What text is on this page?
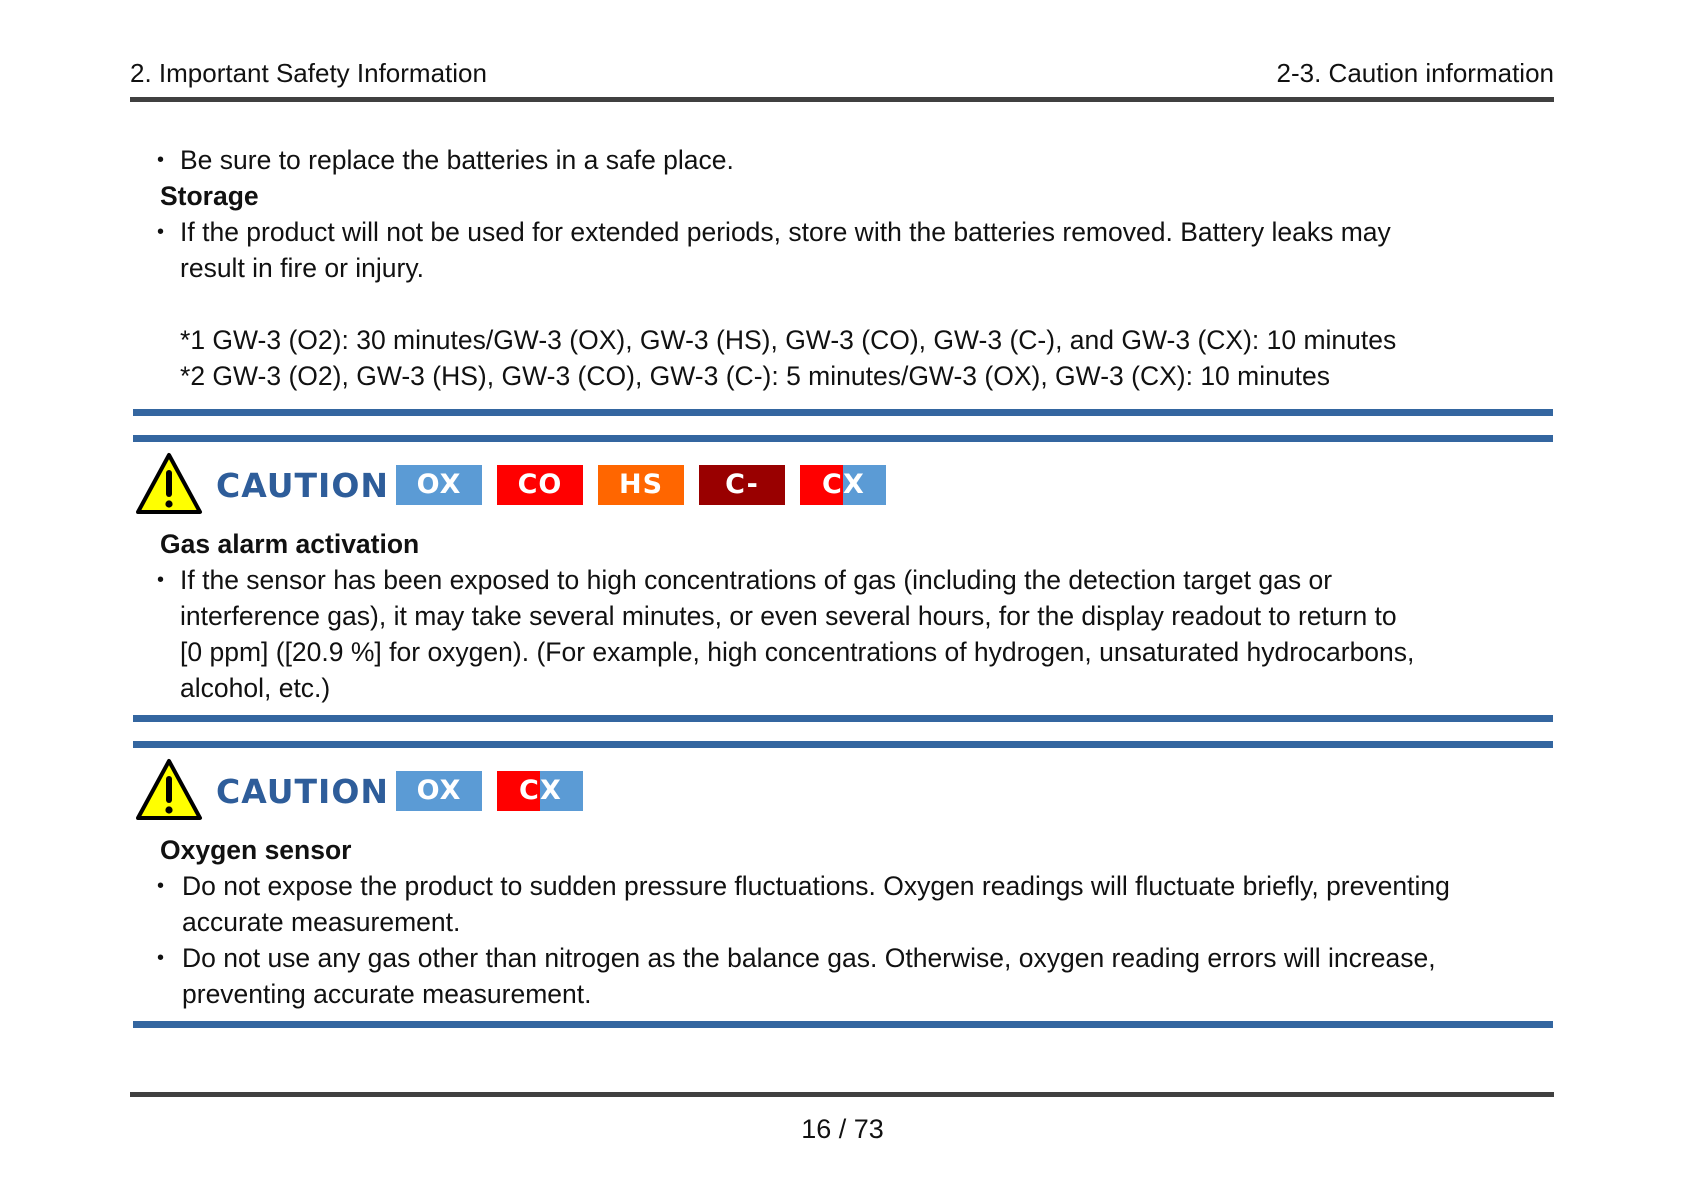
2. Important Safety Information	2-3. Caution information
• Be sure to replace the batteries in a safe place.
Storage
• If the product will not be used for extended periods, store with the batteries removed. Battery leaks may
result in fire or injury.
*1 GW-3 (O2): 30 minutes/GW-3 (OX), GW-3 (HS), GW-3 (CO), GW-3 (C-), and GW-3 (CX): 10 minutes
*2 GW-3 (O2), GW-3 (HS), GW-3 (CO), GW-3 (C-): 5 minutes/GW-3 (OX), GW-3 (CX): 10 minutes
CAUTION	OX	CO	HS	C-	C X
Gas alarm activation
• If the sensor has been exposed to high concentrations of gas (including the detection target gas or
interference gas), it may take several minutes, or even several hours, for the display readout to return to
[0 ppm] ([20.9 %] for oxygen). (For example, high concentrations of hydrogen, unsaturated hydrocarbons,
alcohol, etc.)
CAUTION	OX	C X
Oxygen sensor
• Do not expose the product to sudden pressure fluctuations. Oxygen readings will fluctuate briefly, preventing
accurate measurement.
• Do not use any gas other than nitrogen as the balance gas. Otherwise, oxygen reading errors will increase,
preventing accurate measurement.
16 / 73
